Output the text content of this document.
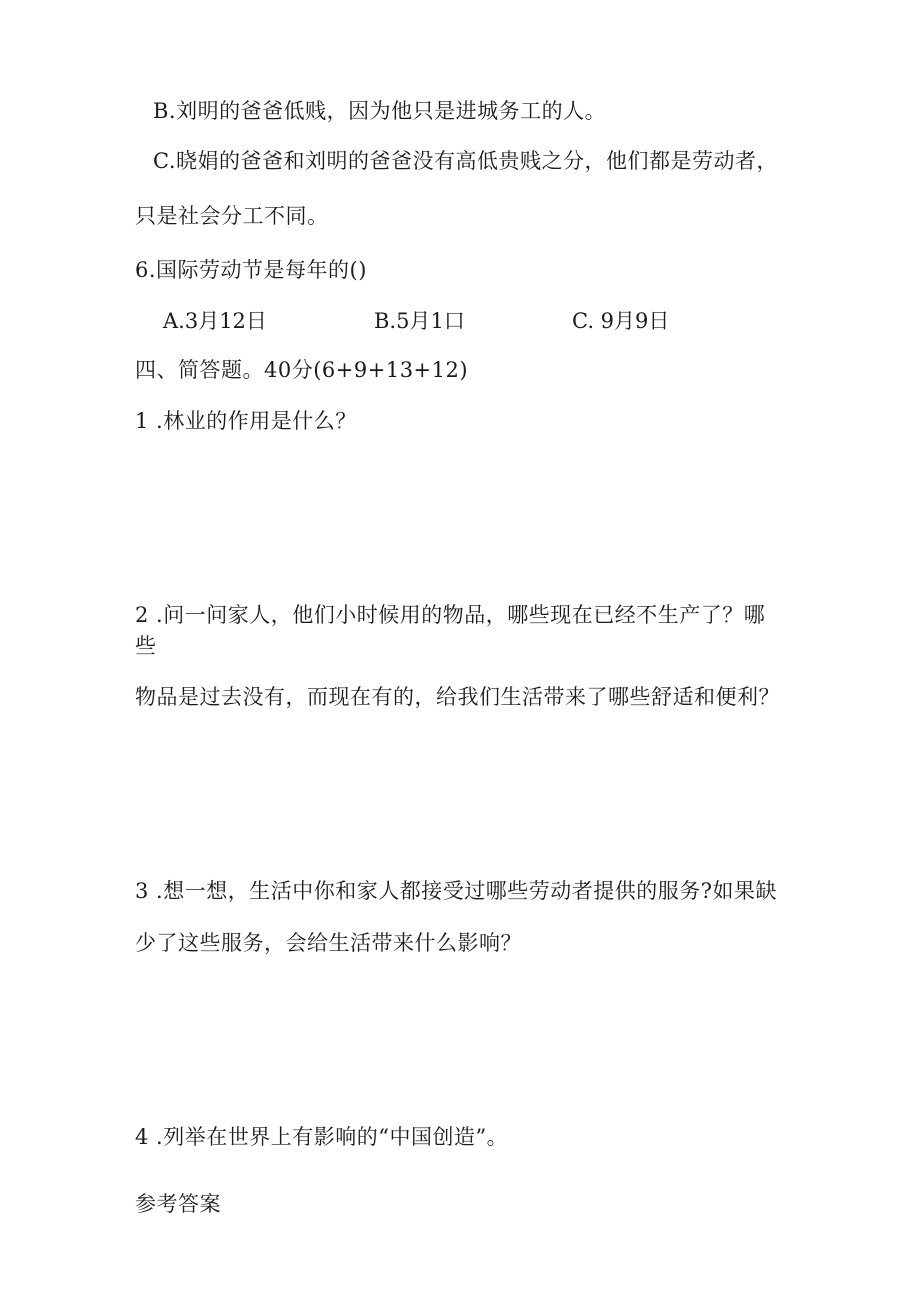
B.刘明的爸爸低贱，因为他只是进城务工的人。
C.晓娟的爸爸和刘明的爸爸没有高低贵贱之分，他们都是劳动者，
只是社会分工不同。
6.国际劳动节是每年的()
A.3月12日	B.5月1口	C. 9月9日
四、简答题。40分(6+9+13+12)
1 .林业的作用是什么？
2 .问一问家人，他们小时候用的物品，哪些现在已经不生产了？哪
些
物品是过去没有，而现在有的，给我们生活带来了哪些舒适和便利？
3 .想一想，生活中你和家人都接受过哪些劳动者提供的服务?如果缺
少了这些服务，会给生活带来什么影响？
4 .列举在世界上有影响的“中国创造”。
参考答案
